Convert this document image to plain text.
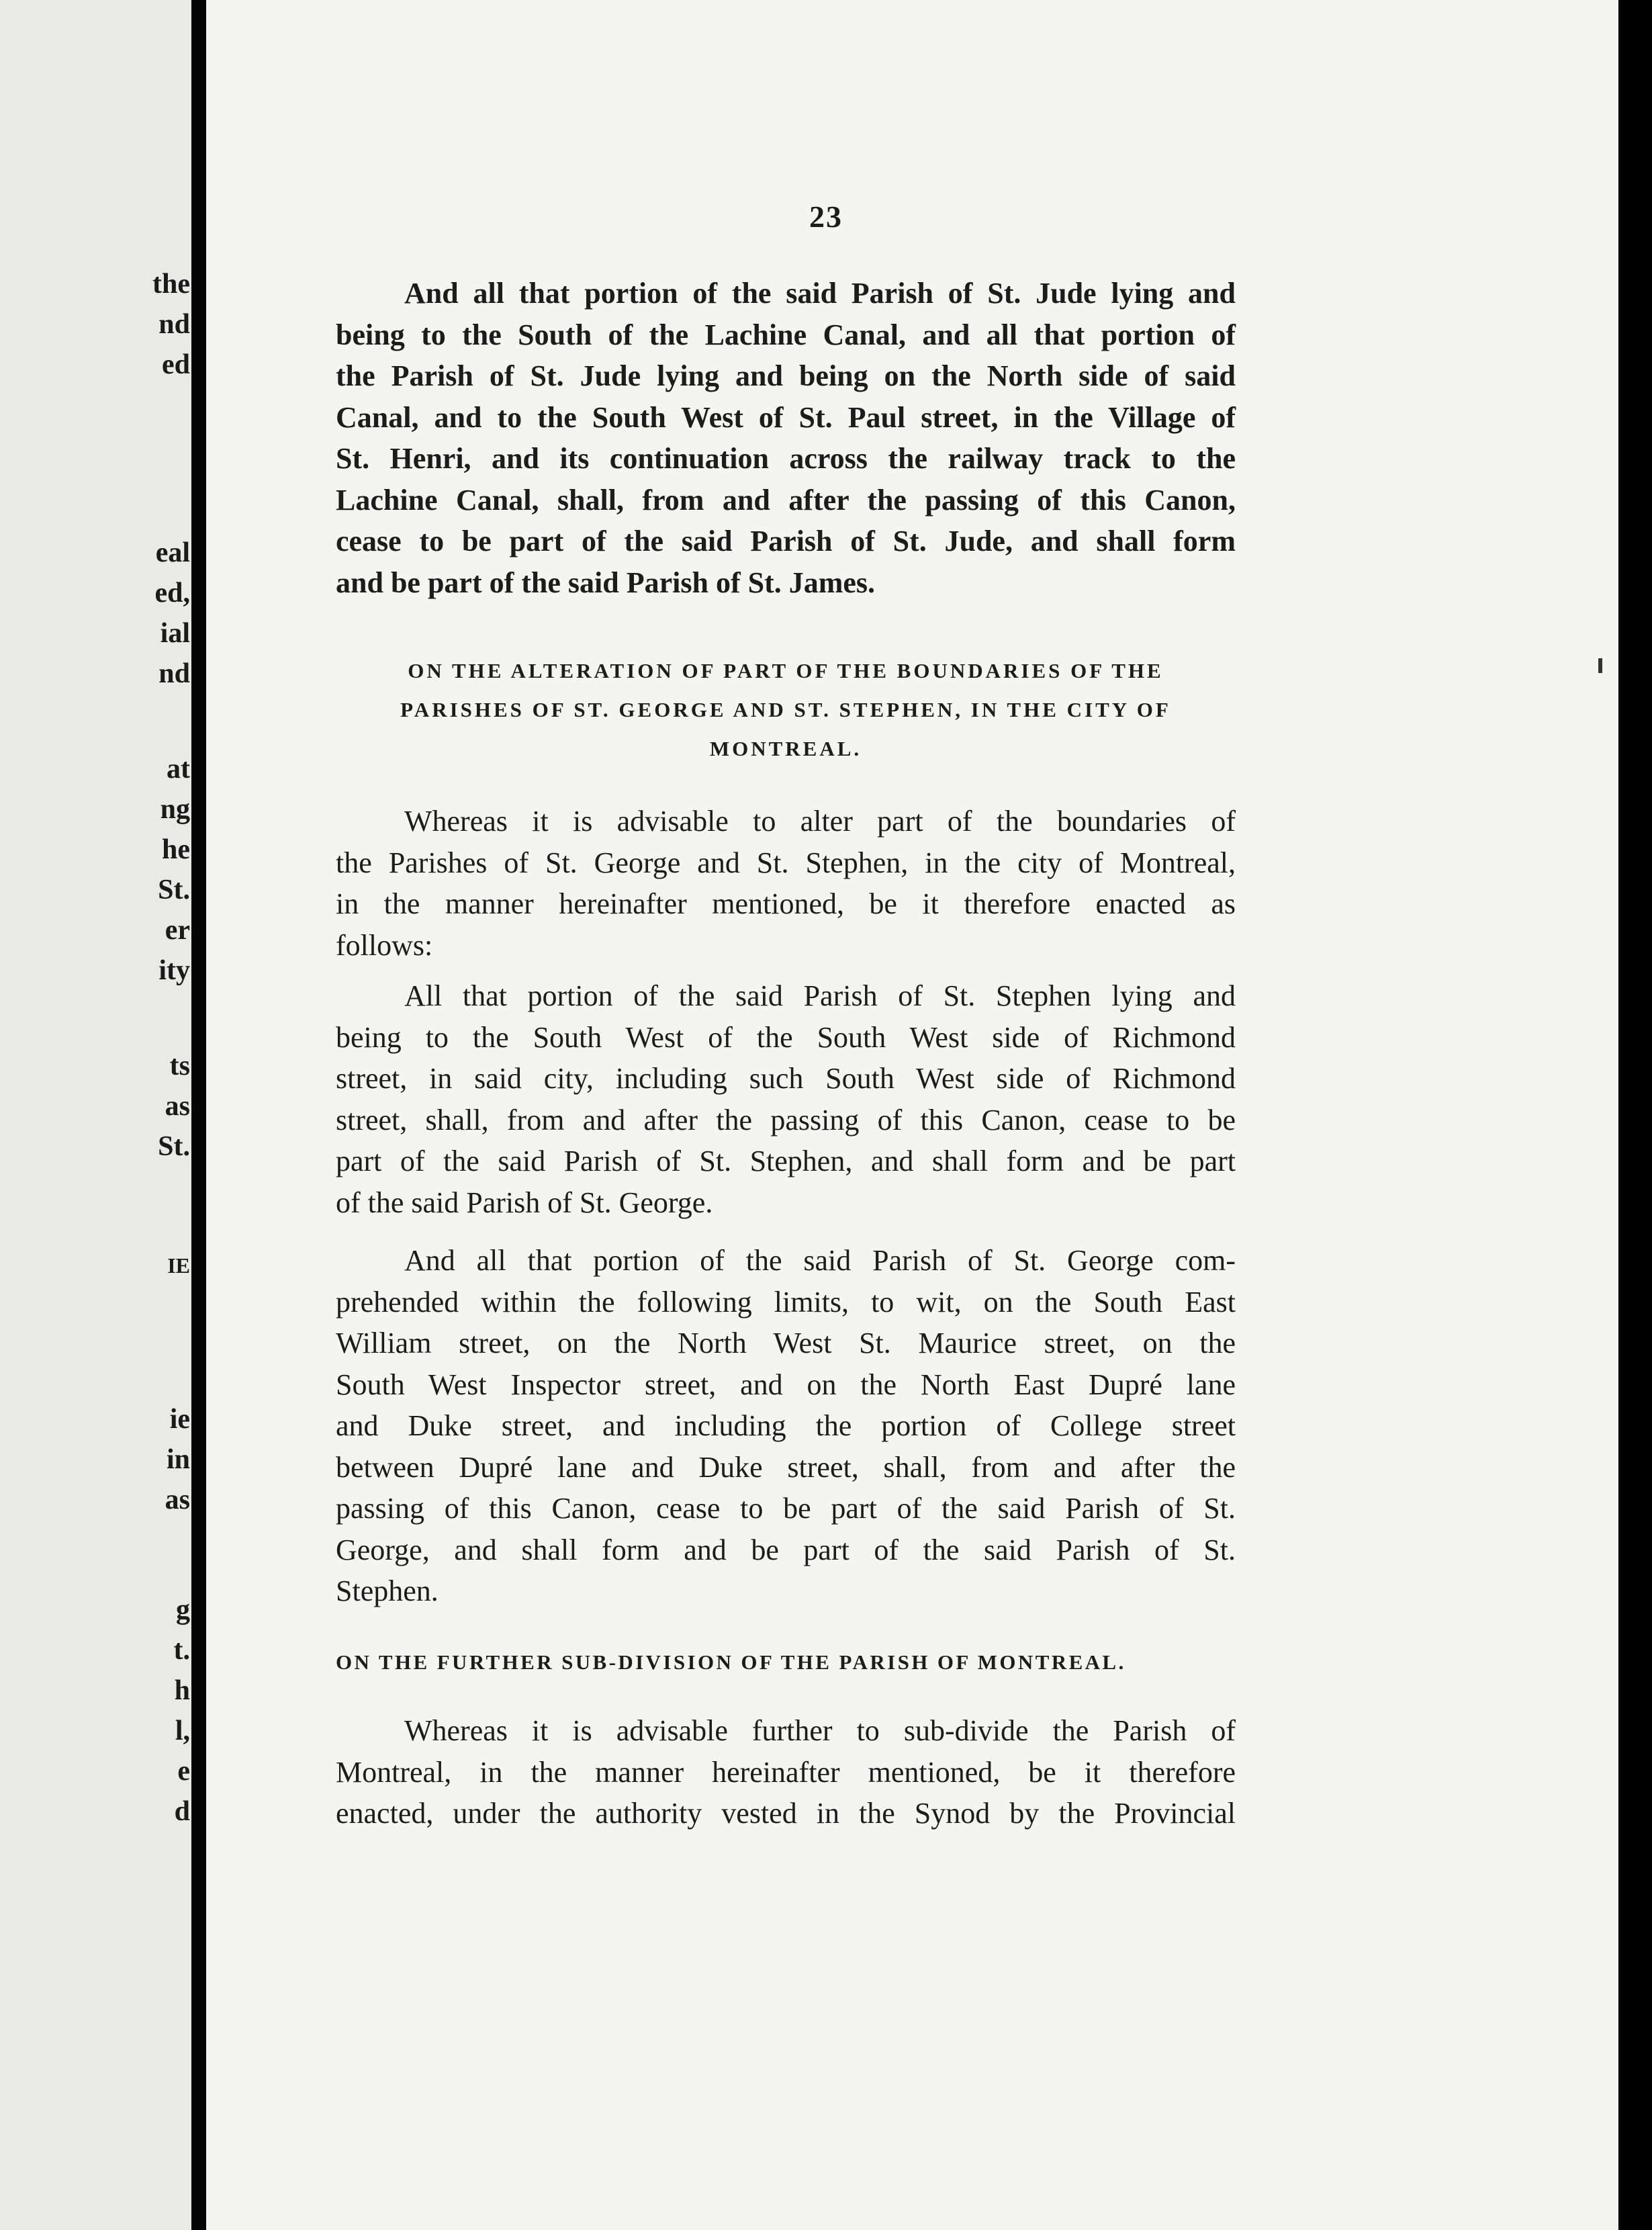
the
nd
ed
eal
ed,
ial
nd
at
ng
he
St.
er
ity
ts
as
St.
IE
ie
in
as
g
t.
h
l,
e
d
23
And all that portion of the said Parish of St. Jude lying and
being to the South of the Lachine Canal, and all that portion of
the Parish of St. Jude lying and being on the North side of said
Canal, and to the South West of St. Paul street, in the Village of
St. Henri, and its continuation across the railway track to the
Lachine Canal, shall, from and after the passing of this Canon,
cease to be part of the said Parish of St. Jude, and shall form
and be part of the said Parish of St. James.
ON THE ALTERATION OF PART OF THE BOUNDARIES OF THE
PARISHES OF ST. GEORGE AND ST. STEPHEN, IN THE CITY OF
MONTREAL.
Whereas it is advisable to alter part of the boundaries of
the Parishes of St. George and St. Stephen, in the city of Montreal,
in the manner hereinafter mentioned, be it therefore enacted as
follows:
All that portion of the said Parish of St. Stephen lying and
being to the South West of the South West side of Richmond
street, in said city, including such South West side of Richmond
street, shall, from and after the passing of this Canon, cease to be
part of the said Parish of St. Stephen, and shall form and be part
of the said Parish of St. George.
And all that portion of the said Parish of St. George com-
prehended within the following limits, to wit, on the South East
William street, on the North West St. Maurice street, on the
South West Inspector street, and on the North East Dupré lane
and Duke street, and including the portion of College street
between Dupré lane and Duke street, shall, from and after the
passing of this Canon, cease to be part of the said Parish of St.
George, and shall form and be part of the said Parish of St.
Stephen.
ON THE FURTHER SUB-DIVISION OF THE PARISH OF MONTREAL.
Whereas it is advisable further to sub-divide the Parish of
Montreal, in the manner hereinafter mentioned, be it therefore
enacted, under the authority vested in the Synod by the Provincial
